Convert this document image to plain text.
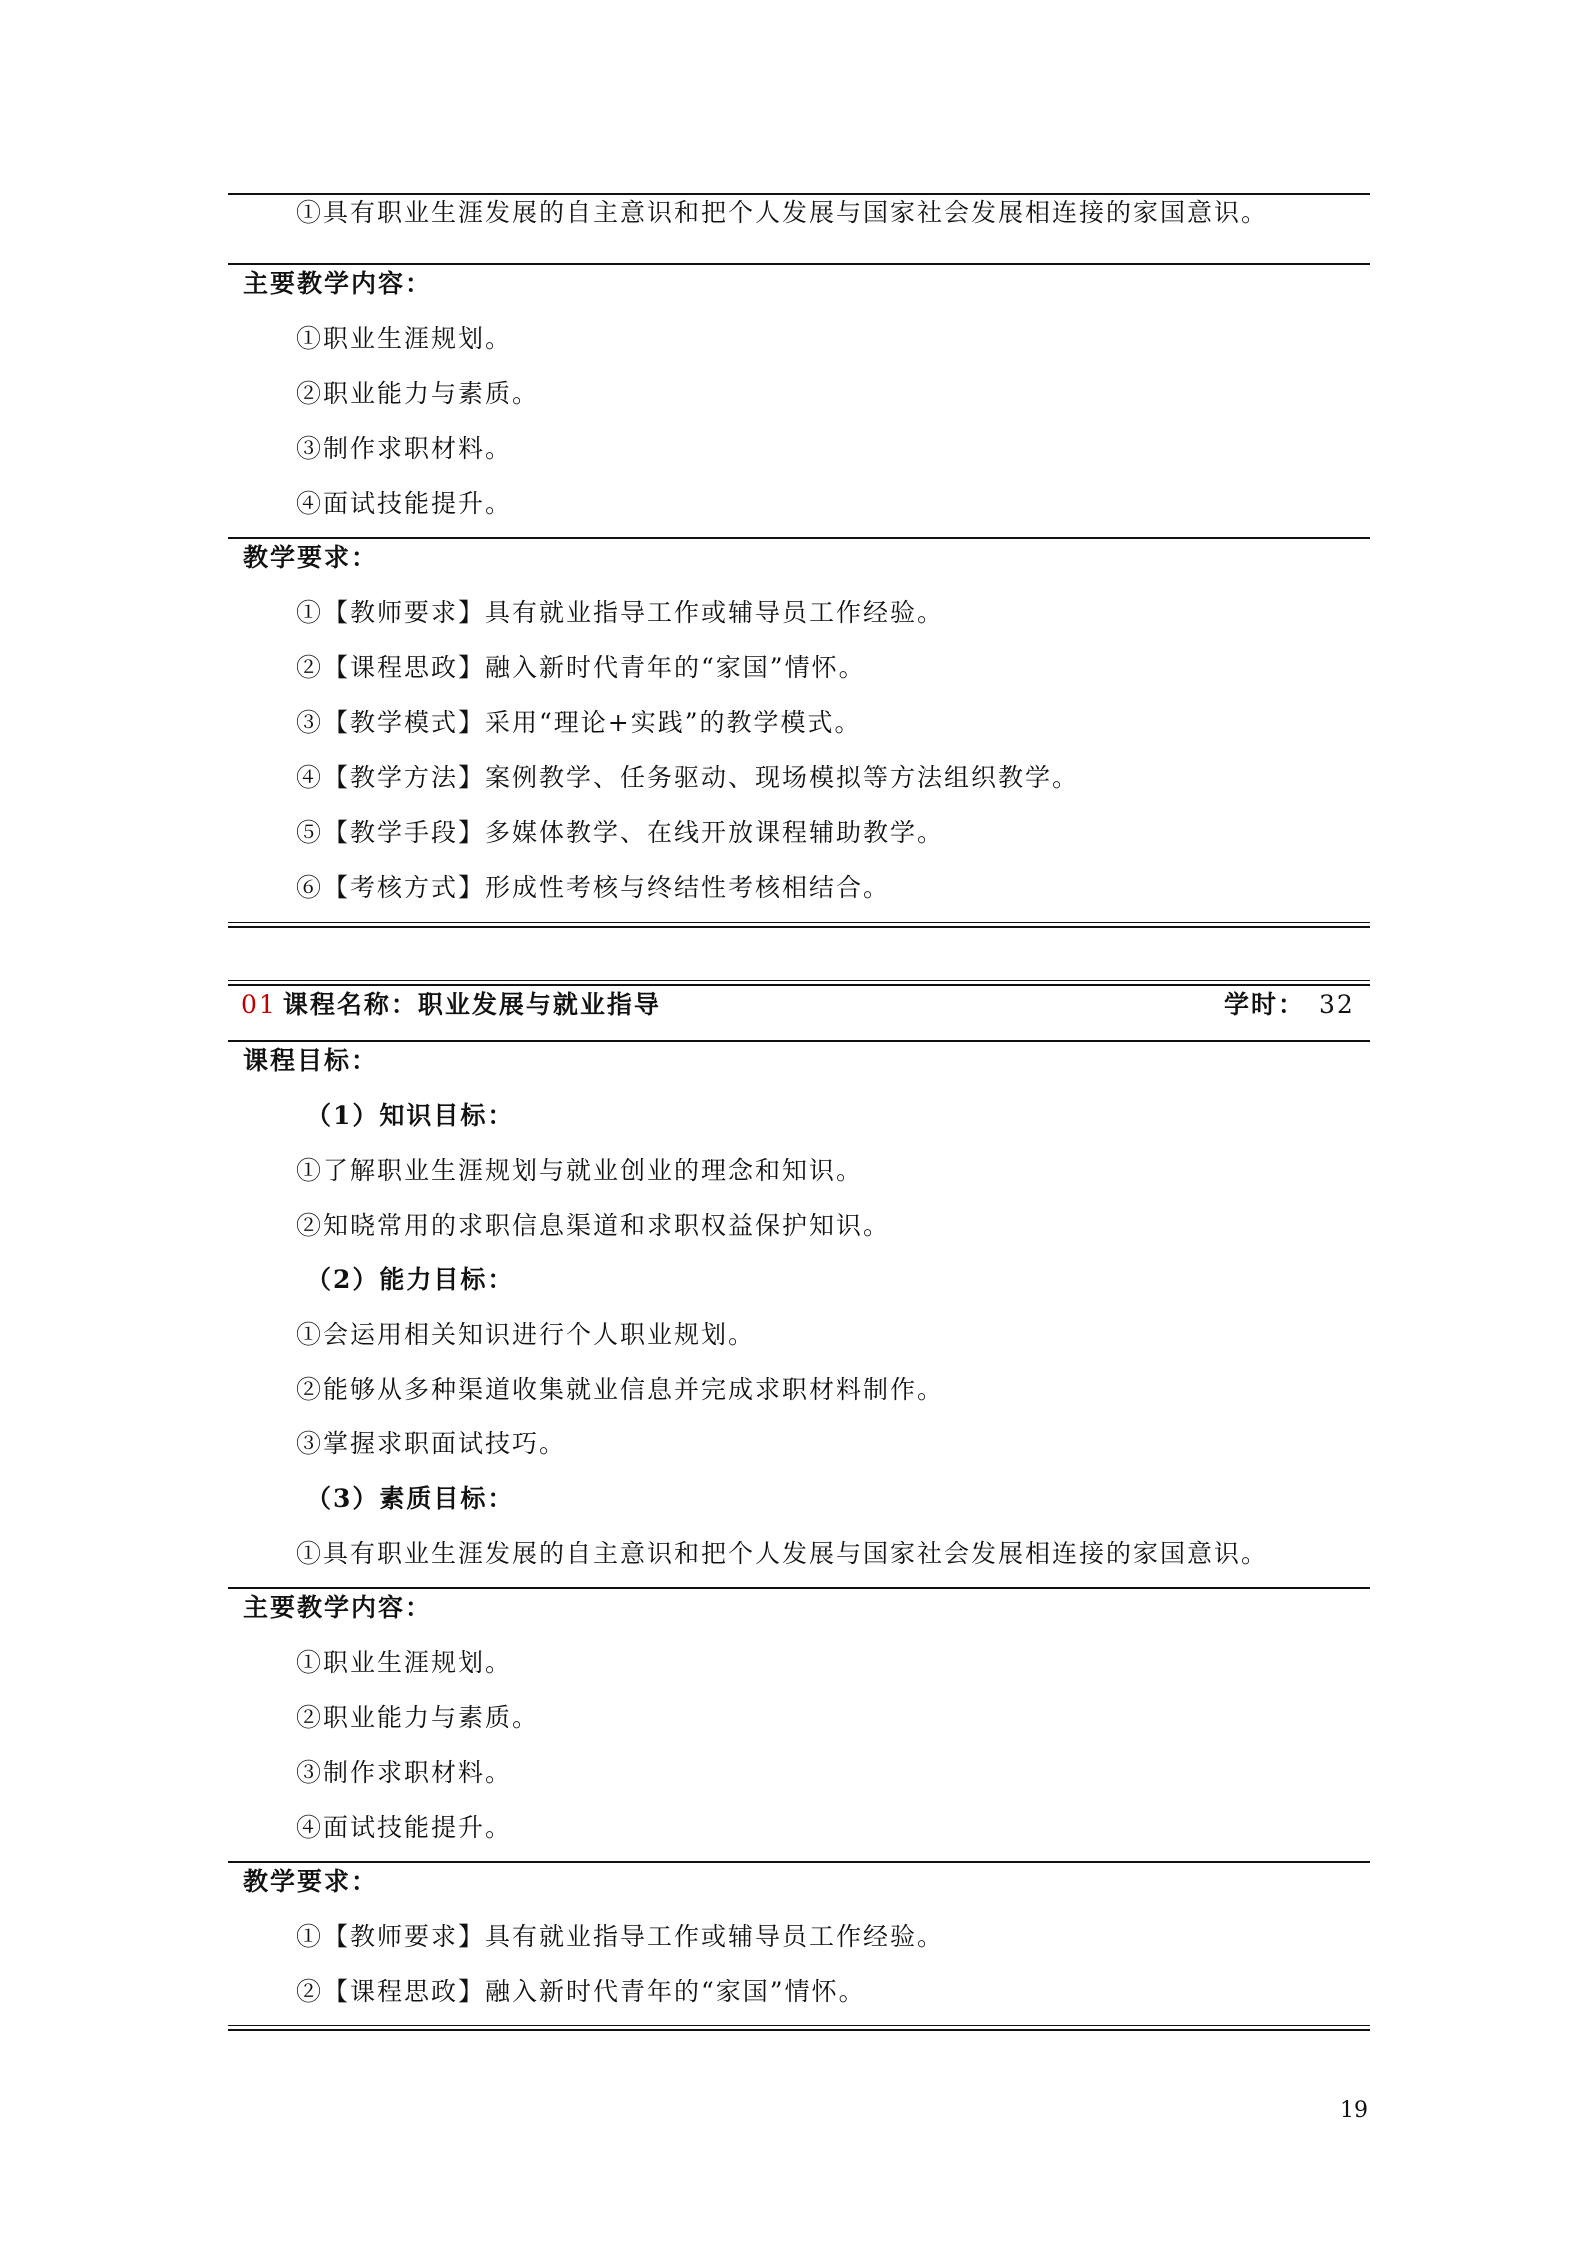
①具有职业生涯发展的自主意识和把个人发展与国家社会发展相连接的家国意识。
主要教学内容：
①职业生涯规划。
②职业能力与素质。
③制作求职材料。
④面试技能提升。
教学要求：
①【教师要求】具有就业指导工作或辅导员工作经验。
②【课程思政】融入新时代青年的“家国”情怀。
③【教学模式】采用“理论+实践”的教学模式。
④【教学方法】案例教学、任务驱动、现场模拟等方法组织教学。
⑤【教学手段】多媒体教学、在线开放课程辅助教学。
⑥【考核方式】形成性考核与终结性考核相结合。
01 课程名称：职业发展与就业指导	学时： 32
课程目标：
（1）知识目标：
①了解职业生涯规划与就业创业的理念和知识。
②知晓常用的求职信息渠道和求职权益保护知识。
（2）能力目标：
①会运用相关知识进行个人职业规划。
②能够从多种渠道收集就业信息并完成求职材料制作。
③掌握求职面试技巧。
（3）素质目标：
①具有职业生涯发展的自主意识和把个人发展与国家社会发展相连接的家国意识。
主要教学内容：
①职业生涯规划。
②职业能力与素质。
③制作求职材料。
④面试技能提升。
教学要求：
①【教师要求】具有就业指导工作或辅导员工作经验。
②【课程思政】融入新时代青年的“家国”情怀。
19
